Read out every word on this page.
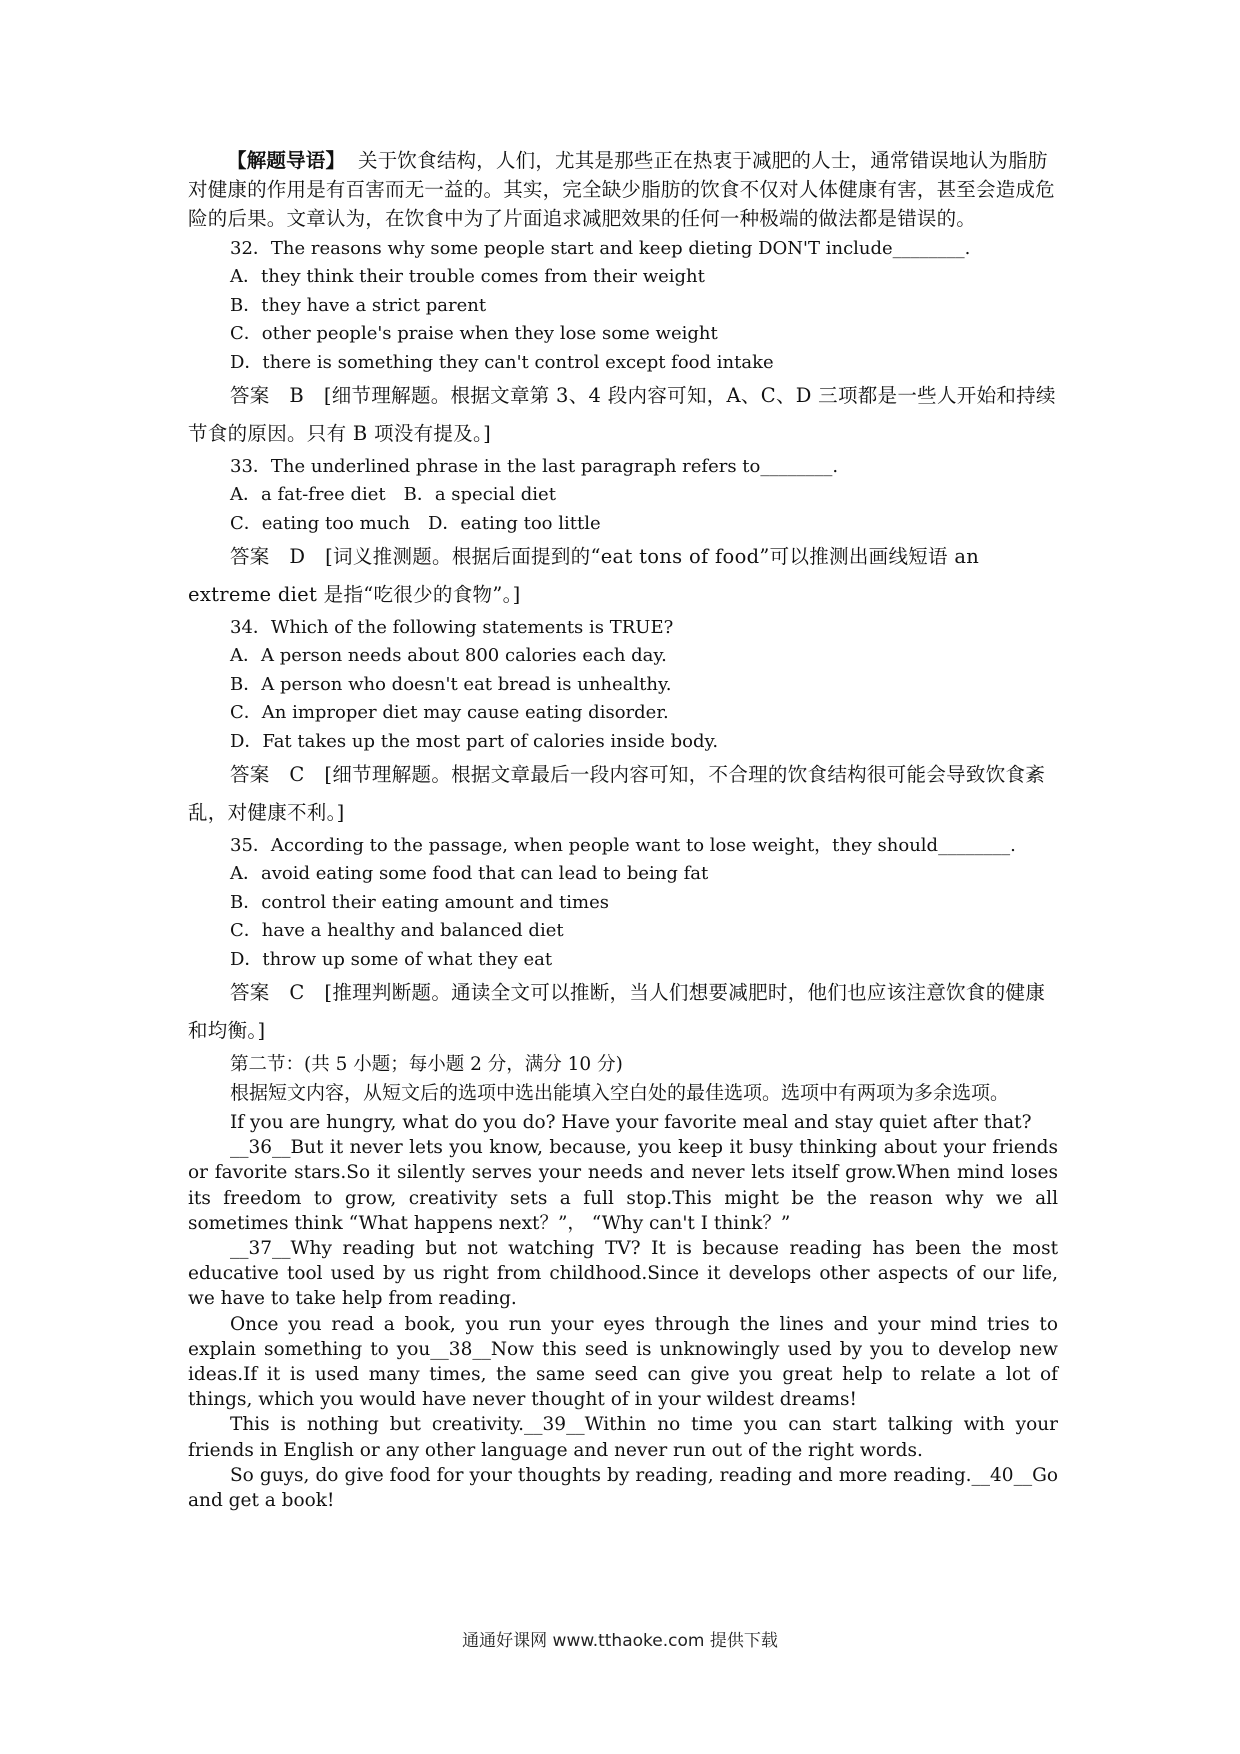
【解题导语】 关于饮食结构，人们，尤其是那些正在热衷于减肥的人士，通常错误地认为脂肪对健康的作用是有百害而无一益的。其实，完全缺少脂肪的饮食不仅对人体健康有害，甚至会造成危险的后果。文章认为，在饮食中为了片面追求减肥效果的任何一种极端的做法都是错误的。

32．The reasons why some people start and keep dieting DON'T include________.

A．they think their trouble comes from their weight

B．they have a strict parent

C．other people's praise when they lose some weight

D．there is something they can't control except food intake

答案　B　[细节理解题。根据文章第 3、4 段内容可知，A、C、D 三项都是一些人开始和持续节食的原因。只有 B 项没有提及。]

33．The underlined phrase in the last paragraph refers to________.

A．a fat-free diet　B．a special diet

C．eating too much　D．eating too little

答案　D　[词义推测题。根据后面提到的“eat tons of food”可以推测出画线短语 an extreme diet 是指“吃很少的食物”。]

34．Which of the following statements is TRUE?

A．A person needs about 800 calories each day.

B．A person who doesn't eat bread is unhealthy.

C．An improper diet may cause eating disorder.

D．Fat takes up the most part of calories inside body.

答案　C　[细节理解题。根据文章最后一段内容可知，不合理的饮食结构很可能会导致饮食紊乱，对健康不利。]

35．According to the passage, when people want to lose weight，they should________.

A．avoid eating some food that can lead to being fat

B．control their eating amount and times

C．have a healthy and balanced diet

D．throw up some of what they eat

答案　C　[推理判断题。通读全文可以推断，当人们想要减肥时，他们也应该注意饮食的健康和均衡。]

第二节：(共 5 小题；每小题 2 分，满分 10 分)

根据短文内容，从短文后的选项中选出能填入空白处的最佳选项。选项中有两项为多余选项。

If you are hungry, what do you do? Have your favorite meal and stay quiet after that?

__36__But it never lets you know, because, you keep it busy thinking about your friends or favorite stars.So it silently serves your needs and never lets itself grow.When mind loses its freedom to grow, creativity sets a full stop.This might be the reason why we all sometimes think “What happens next？”， “Why can't I think？”

__37__Why reading but not watching TV? It is because reading has been the most educative tool used by us right from childhood.Since it develops other aspects of our life, we have to take help from reading.

Once you read a book, you run your eyes through the lines and your mind tries to explain something to you__38__Now this seed is unknowingly used by you to develop new ideas.If it is used many times, the same seed can give you great help to relate a lot of things, which you would have never thought of in your wildest dreams!

This is nothing but creativity.__39__Within no time you can start talking with your friends in English or any other language and never run out of the right words.

So guys, do give food for your thoughts by reading, reading and more reading.__40__Go and get a book!

通通好课网 www.tthaoke.com 提供下载
